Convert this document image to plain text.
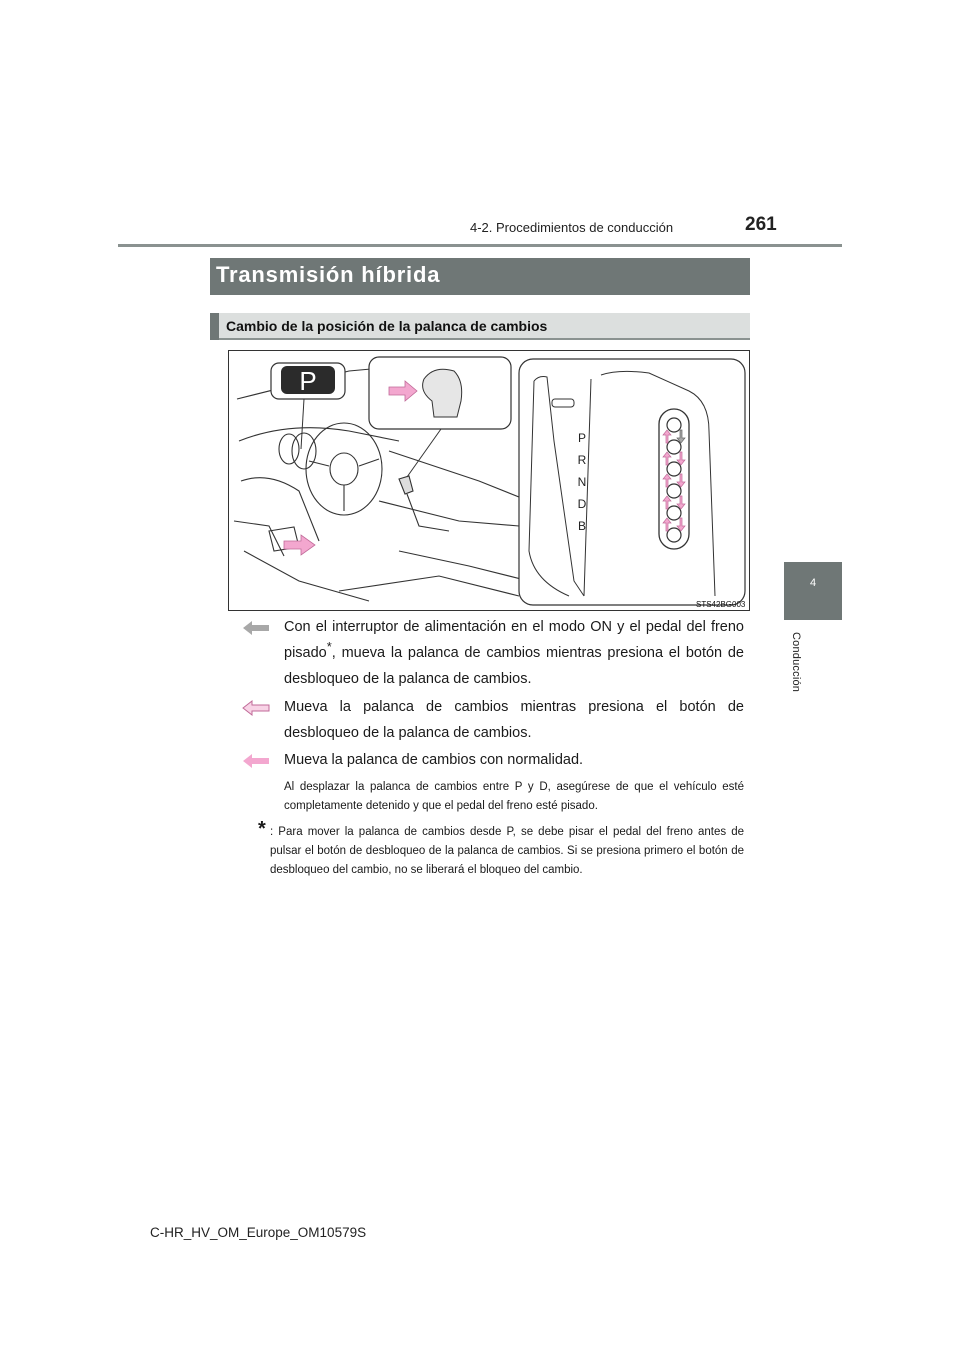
4-2. Procedimientos de conducción	261
4
Conducción
Transmisión híbrida
Cambio de la posición de la palanca de cambios
P
P
R
N
D
B
STS42BG003
Con el interruptor de alimentación en el modo ON y el pedal del freno pisado*, mueva la palanca de cambios mientras presiona el botón de desbloqueo de la palanca de cambios.
Mueva la palanca de cambios mientras presiona el botón de desbloqueo de la palanca de cambios.
Mueva la palanca de cambios con normalidad.
Al desplazar la palanca de cambios entre P y D, asegúrese de que el vehículo esté completamente detenido y que el pedal del freno esté pisado.
* : Para mover la palanca de cambios desde P, se debe pisar el pedal del freno antes de pulsar el botón de desbloqueo de la palanca de cambios. Si se presiona primero el botón de desbloqueo del cambio, no se liberará el bloqueo del cambio.
C-HR_HV_OM_Europe_OM10579S
